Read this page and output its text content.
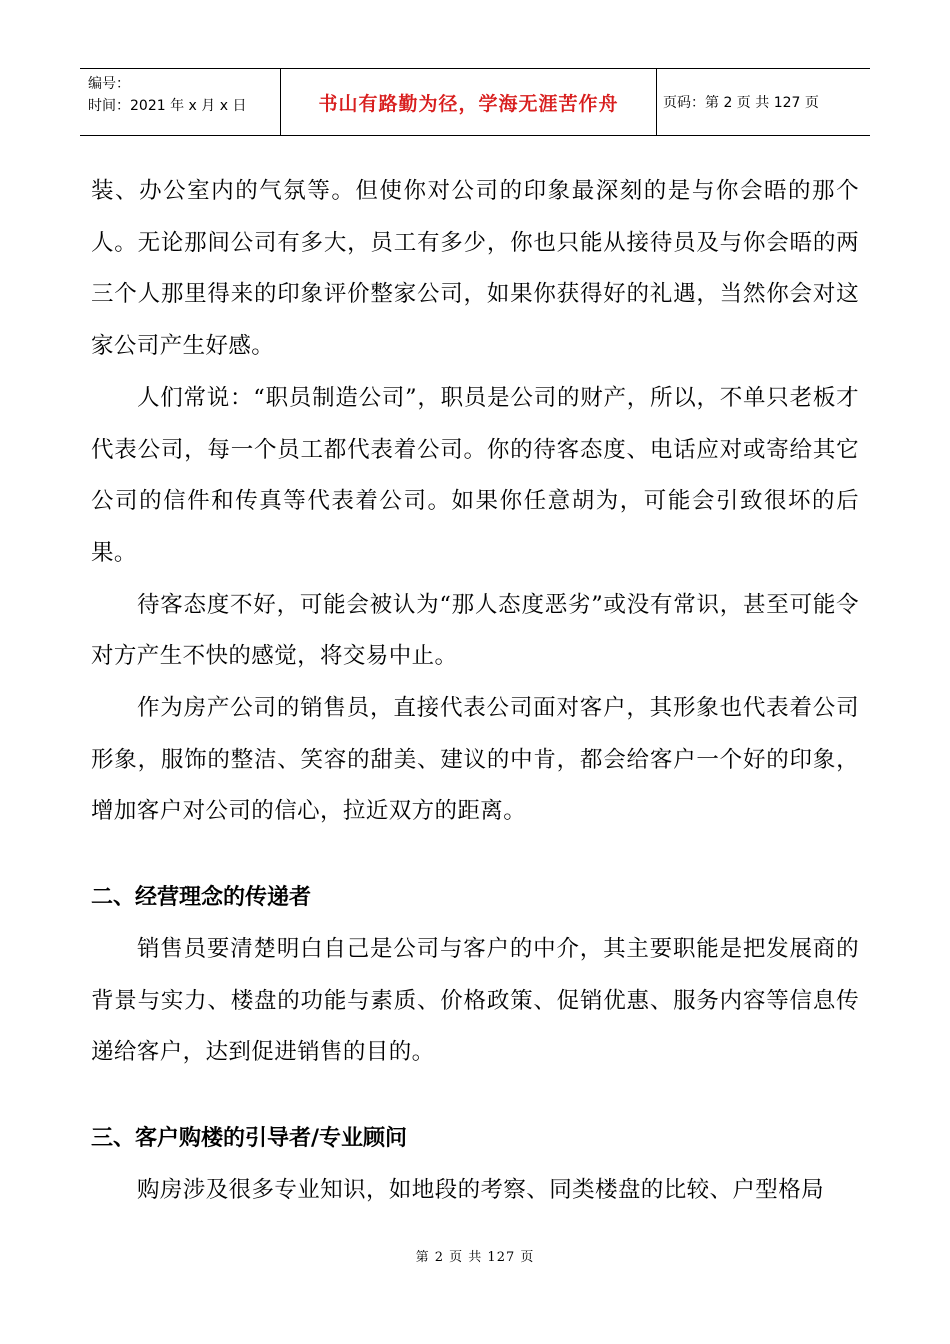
编号：
时间：2021 年 x 月 x 日	书山有路勤为径，学海无涯苦作舟	页码：第 2 页 共 127 页

装、办公室内的气氛等。但使你对公司的印象最深刻的是与你会晤的那个人。无论那间公司有多大，员工有多少，你也只能从接待员及与你会晤的两三个人那里得来的印象评价整家公司，如果你获得好的礼遇，当然你会对这家公司产生好感。

人们常说：“职员制造公司”，职员是公司的财产，所以，不单只老板才代表公司，每一个员工都代表着公司。你的待客态度、电话应对或寄给其它公司的信件和传真等代表着公司。如果你任意胡为，可能会引致很坏的后果。

待客态度不好，可能会被认为“那人态度恶劣”或没有常识，甚至可能令对方产生不快的感觉，将交易中止。

作为房产公司的销售员，直接代表公司面对客户，其形象也代表着公司形象，服饰的整洁、笑容的甜美、建议的中肯，都会给客户一个好的印象，增加客户对公司的信心，拉近双方的距离。

二、经营理念的传递者

销售员要清楚明白自己是公司与客户的中介，其主要职能是把发展商的背景与实力、楼盘的功能与素质、价格政策、促销优惠、服务内容等信息传递给客户，达到促进销售的目的。

三、客户购楼的引导者/专业顾问

购房涉及很多专业知识，如地段的考察、同类楼盘的比较、户型格局

第 2 页 共 127 页
